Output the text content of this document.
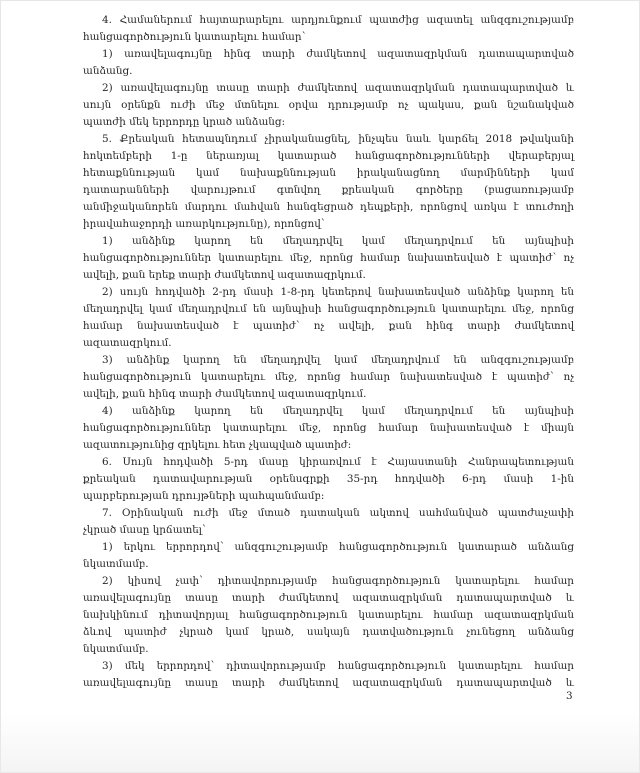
4. Համաներում հայտարարելու արդյունքում պատժից ազատել անզգուշությամբ
հանցագործություն կատարելու համար՝
1) առավելագույնը հինգ տարի ժամկետով ազատազրկման դատապարտված
անձանց.
2) առավելագույնը տասը տարի ժամկետով ազատազրկման դատապարտված և
սույն օրենքն ուժի մեջ մտնելու օրվա դրությամբ ոչ պակաս, քան նշանակված
պատժի մեկ երրորդը կրած անձանց:
5. Քրեական հետապնդում չիրականացնել, ինչպես նաև կարճել 2018 թվականի
հոկտեմբերի 1-ը ներառյալ կատարած հանցագործությունների վերաբերյալ
հետաքննության կամ նախաքննության իրականացնող մարմինների կամ
դատարանների վարույթում գտնվող քրեական գործերը (բացառությամբ
անմիջականորեն մարդու մահվան հանգեցրած դեպքերի, որոնցով առկա է տուժողի
իրավահաջորդի առարկությունը), որոնցով՝
1) անձինք կարող են մեղադրվել կամ մեղադրվում են այնպիսի
հանցագործություններ կատարելու մեջ, որոնց համար նախատեսված է պատիժ՝ ոչ
ավելի, քան երեք տարի ժամկետով ազատազրկում.
2) սույն հոդվածի 2-րդ մասի 1-8-րդ կետերով նախատեսված անձինք կարող են
մեղադրվել կամ մեղադրվում են այնպիսի հանցագործություն կատարելու մեջ, որոնց
համար նախատեսված է պատիժ՝ ոչ ավելի, քան հինգ տարի ժամկետով
ազատազրկում.
3) անձինք կարող են մեղադրվել կամ մեղադրվում են անզգուշությամբ
հանցագործություն կատարելու մեջ, որոնց համար նախատեսված է պատիժ՝ ոչ
ավելի, քան հինգ տարի ժամկետով ազատազրկում.
4) անձինք կարող են մեղադրվել կամ մեղադրվում են այնպիսի
հանցագործություններ կատարելու մեջ, որոնց համար նախատեսված է միայն
ազատությունից զրկելու հետ չկապված պատիժ:
6. Սույն հոդվածի 5-րդ մասը կիրառվում է Հայաստանի Հանրապետության
քրեական դատավարության օրենսգրքի 35-րդ հոդվածի 6-րդ մասի 1-ին
պարբերության դրույթների պահպանմամբ:
7. Օրինական ուժի մեջ մտած դատական ակտով սահմանված պատժաչափի
չկրած մասը կրճատել՝
1) երկու երրորդով՝ անզգուշությամբ հանցագործություն կատարած անձանց
նկատմամբ.
2) կիսով չափ՝ դիտավորությամբ հանցագործություն կատարելու համար
առավելագույնը տասը տարի ժամկետով ազատազրկման դատապարտված և
նախկինում դիտավորյալ հանցագործություն կատարելու համար ազատազրկման
ձևով պատիժ չկրած կամ կրած, սակայն դատվածություն չունեցող անձանց
նկատմամբ.
3) մեկ երրորդով՝ դիտավորությամբ հանցագործություն կատարելու համար
առավելագույնը տասը տարի ժամկետով ազատազրկման դատապարտված և
3
